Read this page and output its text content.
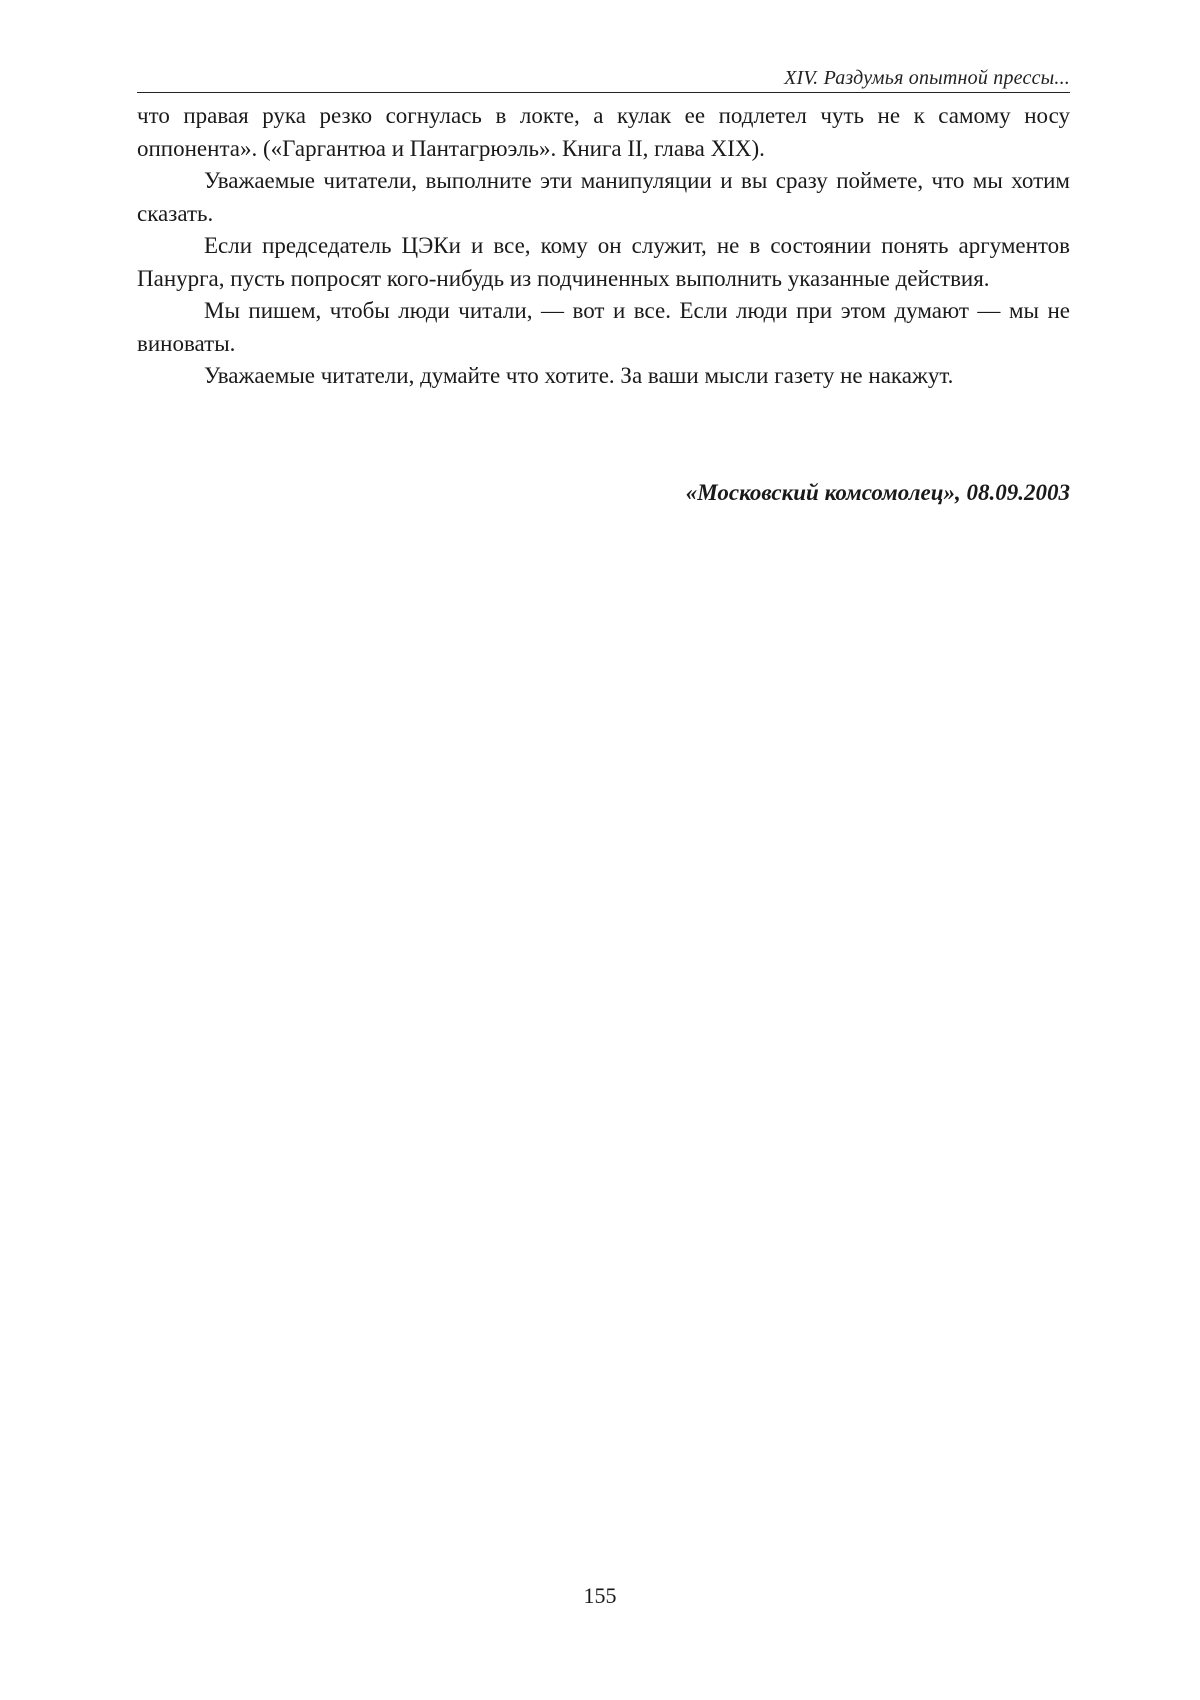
XIV. Раздумья опытной прессы...

что правая рука резко согнулась в локте, а кулак ее подлетел чуть не к самому носу оппонента». («Гаргантюа и Пантагрюэль». Книга II, глава XIX).

Уважаемые читатели, выполните эти манипуляции и вы сразу поймете, что мы хотим сказать.

Если председатель ЦЭКи и все, кому он служит, не в состоянии понять аргументов Панурга, пусть попросят кого-нибудь из подчиненных выполнить указанные действия.

Мы пишем, чтобы люди читали, — вот и все. Если люди при этом думают — мы не виноваты.

Уважаемые читатели, думайте что хотите. За ваши мысли газету не накажут.

«Московский комсомолец», 08.09.2003
155
